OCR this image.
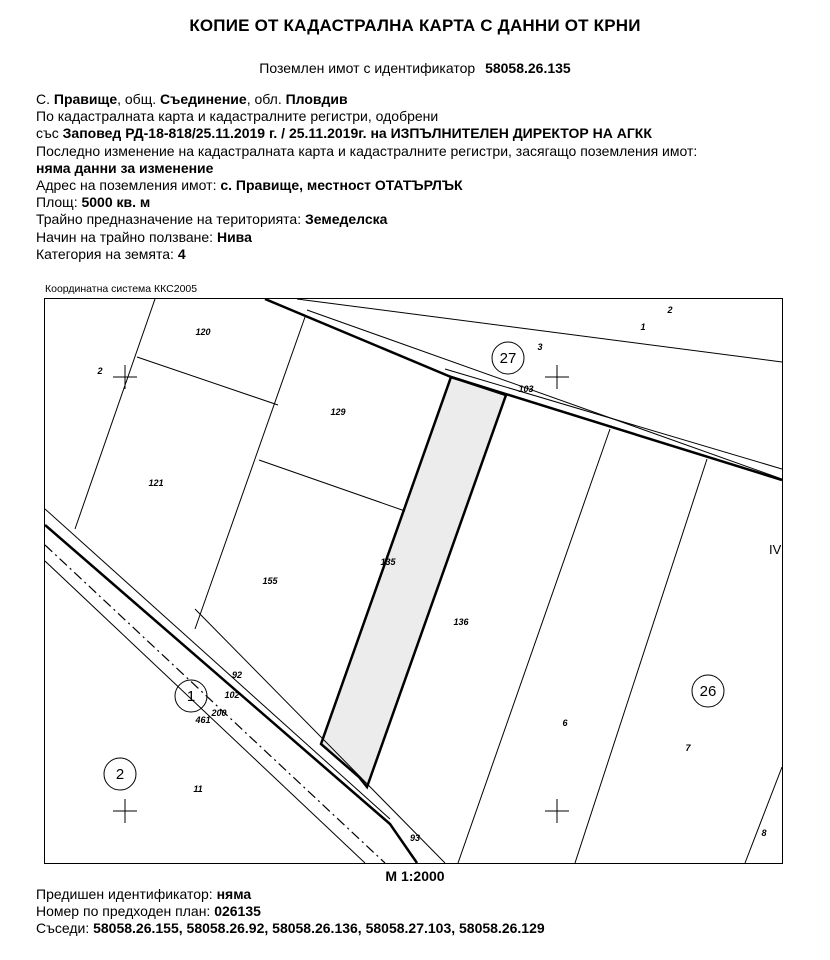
КОПИЕ ОТ КАДАСТРАЛНА КАРТА С ДАННИ ОТ КРНИ
Поземлен имот с идентификатор 58058.26.135
С. Правище, общ. Съединение, обл. Пловдив
По кадастралната карта и кадастралните регистри, одобрени
със Заповед РД-18-818/25.11.2019 г. / 25.11.2019г. на ИЗПЪЛНИТЕЛЕН ДИРЕКТОР НА АГКК
Последно изменение на кадастралната карта и кадастралните регистри, засягащо поземления имот:
няма данни за изменение
Адрес на поземления имот: с. Правище, местност ОТАТЪРЛЪК
Площ: 5000 кв. м
Трайно предназначение на територията: Земеделска
Начин на трайно ползване: Нива
Категория на земята: 4
Координатна система ККС2005
27
26
1
2
120
129
121
155
135
136
103
92
102
200
461
11
93
6
7
8
2
1
3
2
IV
М 1:2000
Предишен идентификатор: няма
Номер по предходен план: 026135
Съседи: 58058.26.155, 58058.26.92, 58058.26.136, 58058.27.103, 58058.26.129
